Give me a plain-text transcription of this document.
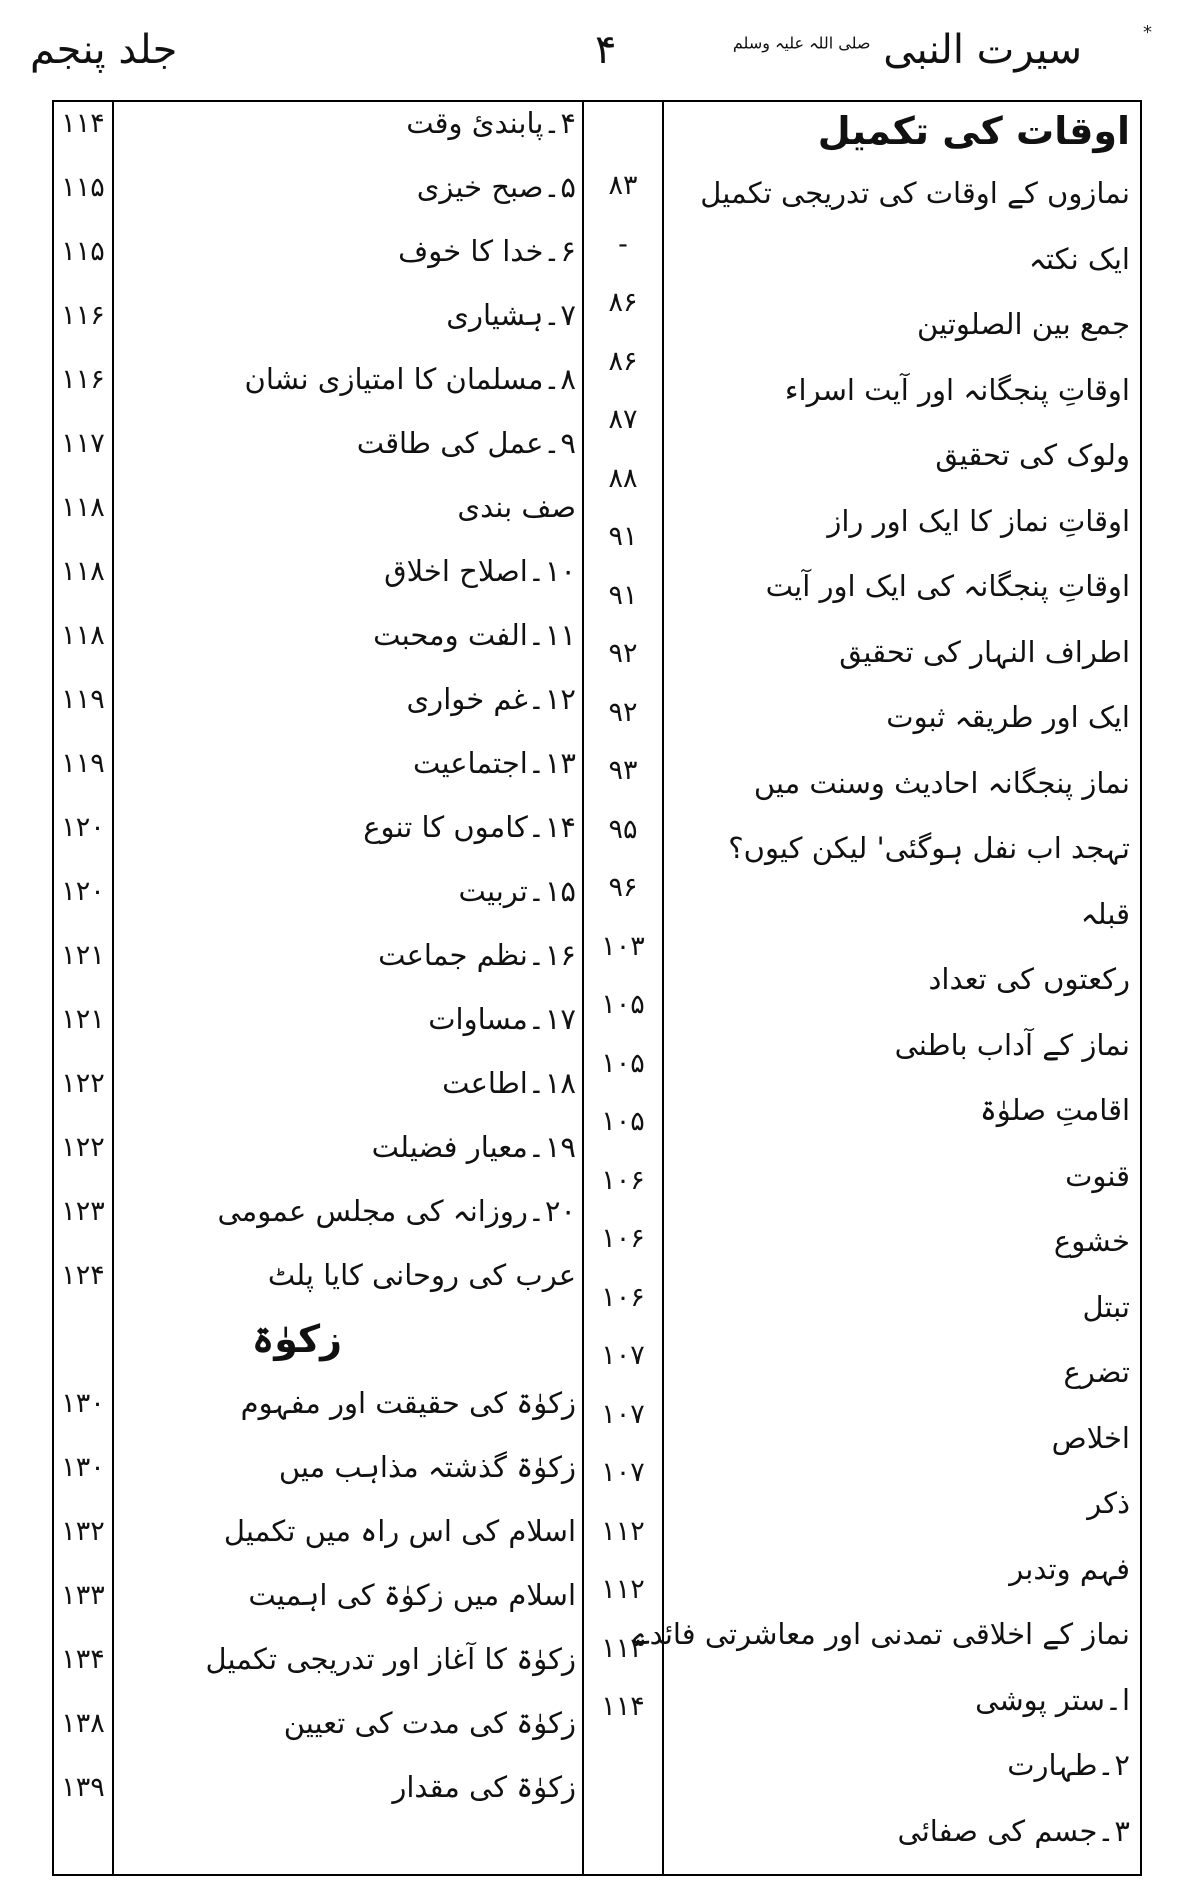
جلد پنجم	۴	سیرت النبی $^{صلی اللہ علیہ وسلم}$
*
اوقات کی تکمیل
نمازوں کے اوقات کی تدریجی تکمیل
ایک نکتہ
جمع بین الصلوتین
اوقاتِ پنجگانہ اور آیت اسراء
ولوک کی تحقیق
اوقاتِ نماز کا ایک اور راز
اوقاتِ پنجگانہ کی ایک اور آیت
اطراف النہار کی تحقیق
ایک اور طریقہ ثبوت
نماز پنجگانہ احادیث وسنت میں
تہجد اب نفل ہوگئی' لیکن کیوں؟
قبلہ
رکعتوں کی تعداد
نماز کے آداب باطنی
اقامتِ صلوٰۃ
قنوت
خشوع
تبتل
تضرع
اخلاص
ذکر
فہم وتدبر
نماز کے اخلاقی تمدنی اور معاشرتی فائدے
ا۔ستر پوشی
۲۔طہارت
۳۔جسم کی صفائی
۸۳
-
۸۶
۸۶
۸۷
۸۸
۹۱
۹۱
۹۲
۹۲
۹۳
۹۵
۹۶
۱۰۳
۱۰۵
۱۰۵
۱۰۵
۱۰۶
۱۰۶
۱۰۶
۱۰۷
۱۰۷
۱۰۷
۱۱۲
۱۱۲
۱۱۳
۱۱۴
۴۔پابندیٔ وقت
۵۔صبح خیزی
۶۔خدا کا خوف
۷۔ہشیاری
۸۔مسلمان کا امتیازی نشان
۹۔عمل کی طاقت
صف بندی
۱۰۔اصلاح اخلاق
۱۱۔الفت ومحبت
۱۲۔غم خواری
۱۳۔اجتماعیت
۱۴۔کاموں کا تنوع
۱۵۔تربیت
۱۶۔نظم جماعت
۱۷۔مساوات
۱۸۔اطاعت
۱۹۔معیار فضیلت
۲۰۔روزانہ کی مجلس عمومی
عرب کی روحانی کایا پلٹ
زکوٰۃ
زکوٰۃ کی حقیقت اور مفہوم
زکوٰۃ گذشتہ مذاہب میں
اسلام کی اس راہ میں تکمیل
اسلام میں زکوٰۃ کی اہمیت
زکوٰۃ کا آغاز اور تدریجی تکمیل
زکوٰۃ کی مدت کی تعیین
زکوٰۃ کی مقدار
۱۱۴
۱۱۵
۱۱۵
۱۱۶
۱۱۶
۱۱۷
۱۱۸
۱۱۸
۱۱۸
۱۱۹
۱۱۹
۱۲۰
۱۲۰
۱۲۱
۱۲۱
۱۲۲
۱۲۲
۱۲۳
۱۲۴
۱۳۰
۱۳۰
۱۳۲
۱۳۳
۱۳۴
۱۳۸
۱۳۹
